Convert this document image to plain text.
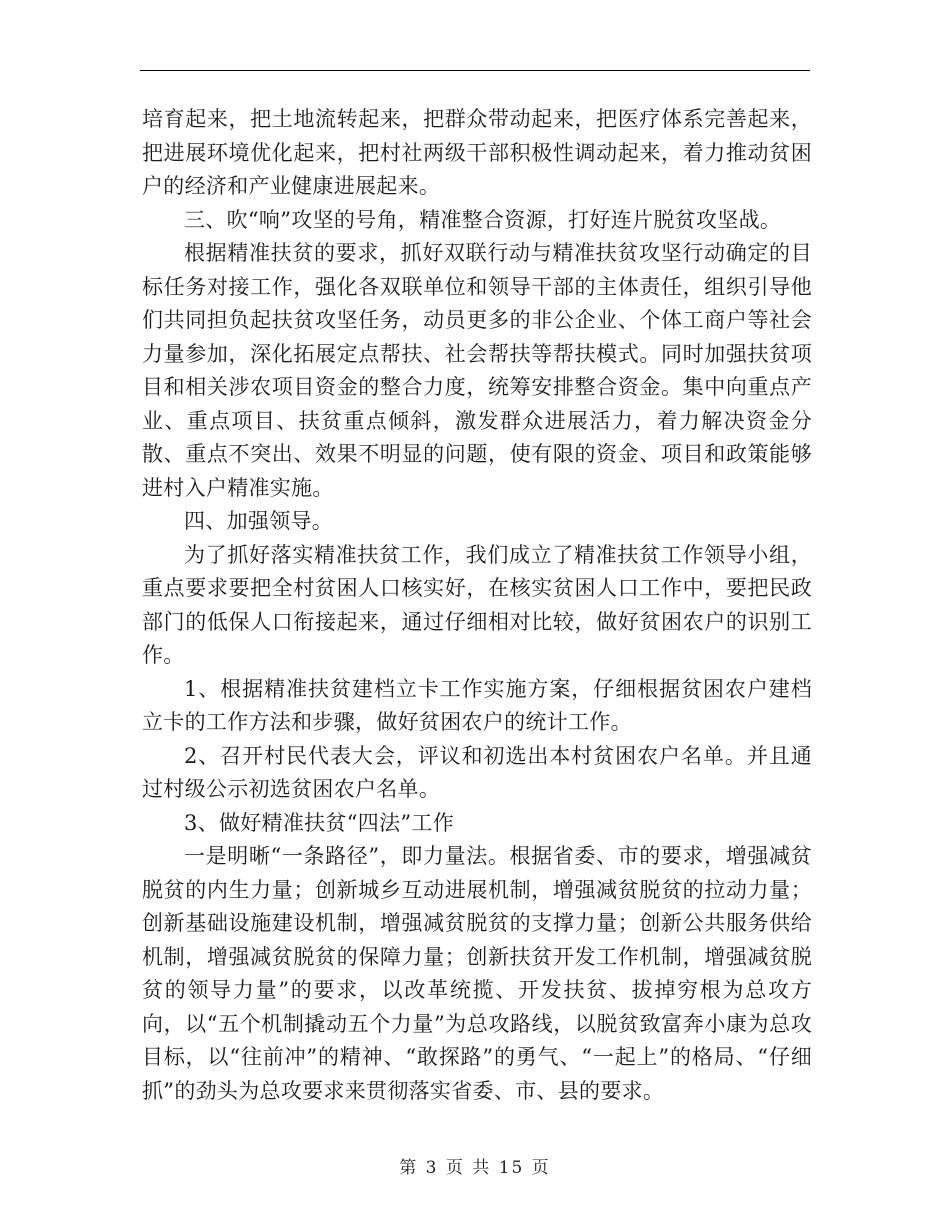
培育起来，把土地流转起来，把群众带动起来，把医疗体系完善起来，把进展环境优化起来，把村社两级干部积极性调动起来，着力推动贫困户的经济和产业健康进展起来。

三、吹“响”攻坚的号角，精准整合资源，打好连片脱贫攻坚战。

根据精准扶贫的要求，抓好双联行动与精准扶贫攻坚行动确定的目标任务对接工作，强化各双联单位和领导干部的主体责任，组织引导他们共同担负起扶贫攻坚任务，动员更多的非公企业、个体工商户等社会力量参加，深化拓展定点帮扶、社会帮扶等帮扶模式。同时加强扶贫项目和相关涉农项目资金的整合力度，统筹安排整合资金。集中向重点产业、重点项目、扶贫重点倾斜，激发群众进展活力，着力解决资金分散、重点不突出、效果不明显的问题，使有限的资金、项目和政策能够进村入户精准实施。

四、加强领导。

为了抓好落实精准扶贫工作，我们成立了精准扶贫工作领导小组，重点要求要把全村贫困人口核实好，在核实贫困人口工作中，要把民政部门的低保人口衔接起来，通过仔细相对比较，做好贫困农户的识别工作。

1、根据精准扶贫建档立卡工作实施方案，仔细根据贫困农户建档立卡的工作方法和步骤，做好贫困农户的统计工作。

2、召开村民代表大会，评议和初选出本村贫困农户名单。并且通过村级公示初选贫困农户名单。

3、做好精准扶贫“四法”工作

一是明晰“一条路径”，即力量法。根据省委、市的要求，增强减贫脱贫的内生力量；创新城乡互动进展机制，增强减贫脱贫的拉动力量；创新基础设施建设机制，增强减贫脱贫的支撑力量；创新公共服务供给机制，增强减贫脱贫的保障力量；创新扶贫开发工作机制，增强减贫脱贫的领导力量”的要求，以改革统揽、开发扶贫、拔掉穷根为总攻方向，以“五个机制撬动五个力量”为总攻路线，以脱贫致富奔小康为总攻目标，以“往前冲”的精神、“敢探路”的勇气、“一起上”的格局、“仔细抓”的劲头为总攻要求来贯彻落实省委、市、县的要求。

第 3 页 共 15 页
